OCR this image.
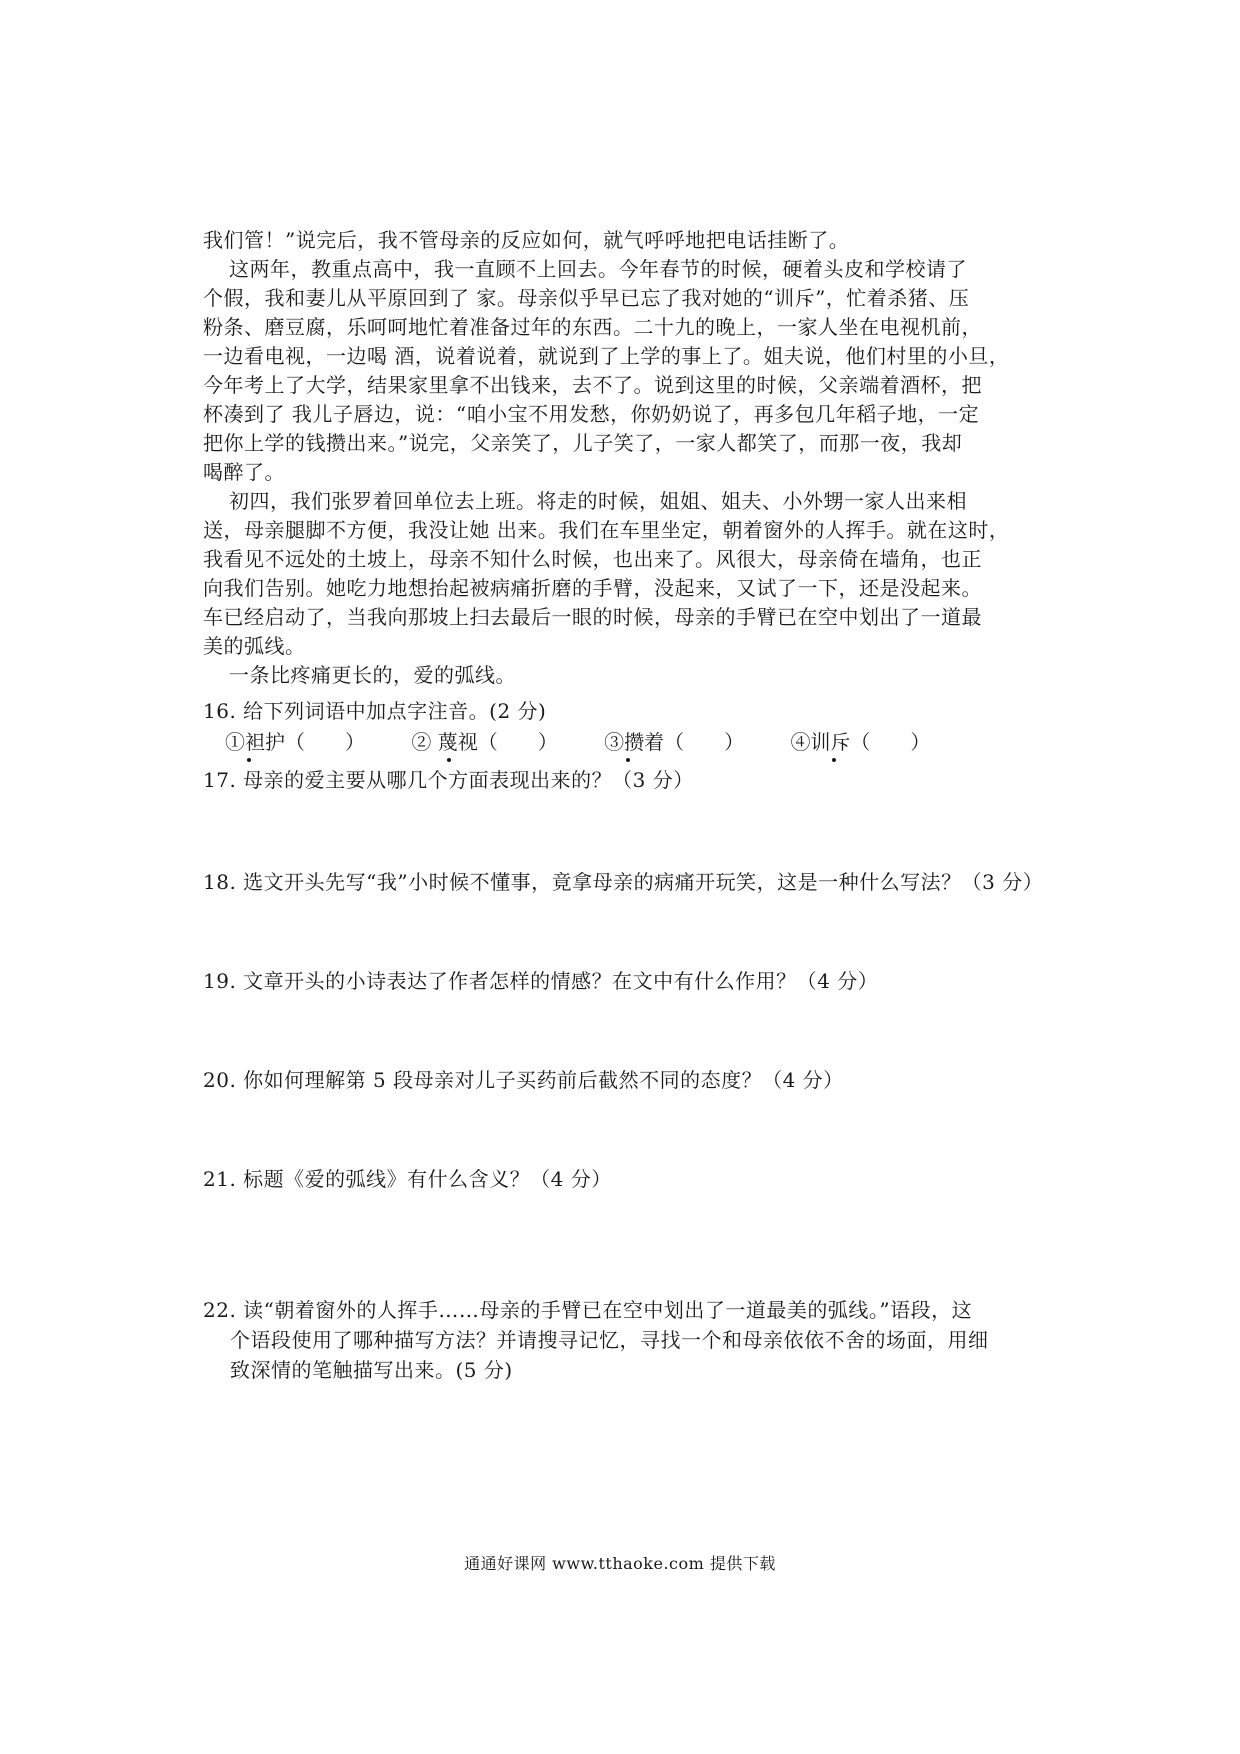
我们管！”说完后，我不管母亲的反应如何，就气呼呼地把电话挂断了。
这两年，教重点高中，我一直顾不上回去。今年春节的时候，硬着头皮和学校请了
个假，我和妻儿从平原回到了 家。母亲似乎早已忘了我对她的“训斥”，忙着杀猪、压
粉条、磨豆腐，乐呵呵地忙着准备过年的东西。二十九的晚上，一家人坐在电视机前，
一边看电视，一边喝 酒，说着说着，就说到了上学的事上了。姐夫说，他们村里的小旦，
今年考上了大学，结果家里拿不出钱来，去不了。说到这里的时候，父亲端着酒杯，把
杯凑到了 我儿子唇边，说：“咱小宝不用发愁，你奶奶说了，再多包几年稻子地，一定
把你上学的钱攒出来。”说完，父亲笑了，儿子笑了，一家人都笑了，而那一夜，我却
喝醉了。
初四，我们张罗着回单位去上班。将走的时候，姐姐、姐夫、小外甥一家人出来相
送，母亲腿脚不方便，我没让她 出来。我们在车里坐定，朝着窗外的人挥手。就在这时，
我看见不远处的土坡上，母亲不知什么时候，也出来了。风很大，母亲倚在墙角，也正
向我们告别。她吃力地想抬起被病痛折磨的手臂，没起来，又试了一下，还是没起来。
车已经启动了，当我向那坡上扫去最后一眼的时候，母亲的手臂已在空中划出了一道最
美的弧线。
一条比疼痛更长的，爱的弧线。
16. 给下列词语中加点字注音。(2 分)
①袒护（　　） ② 蔑视（　　） ③攒着（　　） ④训斥（　　）
17. 母亲的爱主要从哪几个方面表现出来的？（3 分）
18. 选文开头先写“我”小时候不懂事，竟拿母亲的病痛开玩笑，这是一种什么写法？（3 分）
19. 文章开头的小诗表达了作者怎样的情感？在文中有什么作用？（4 分）
20. 你如何理解第 5 段母亲对儿子买药前后截然不同的态度？（4 分）
21. 标题《爱的弧线》有什么含义？（4 分）
22. 读“朝着窗外的人挥手……母亲的手臂已在空中划出了一道最美的弧线。”语段，这
个语段使用了哪种描写方法？并请搜寻记忆，寻找一个和母亲依依不舍的场面，用细
致深情的笔触描写出来。(5 分)
通通好课网 www.tthaoke.com 提供下载
